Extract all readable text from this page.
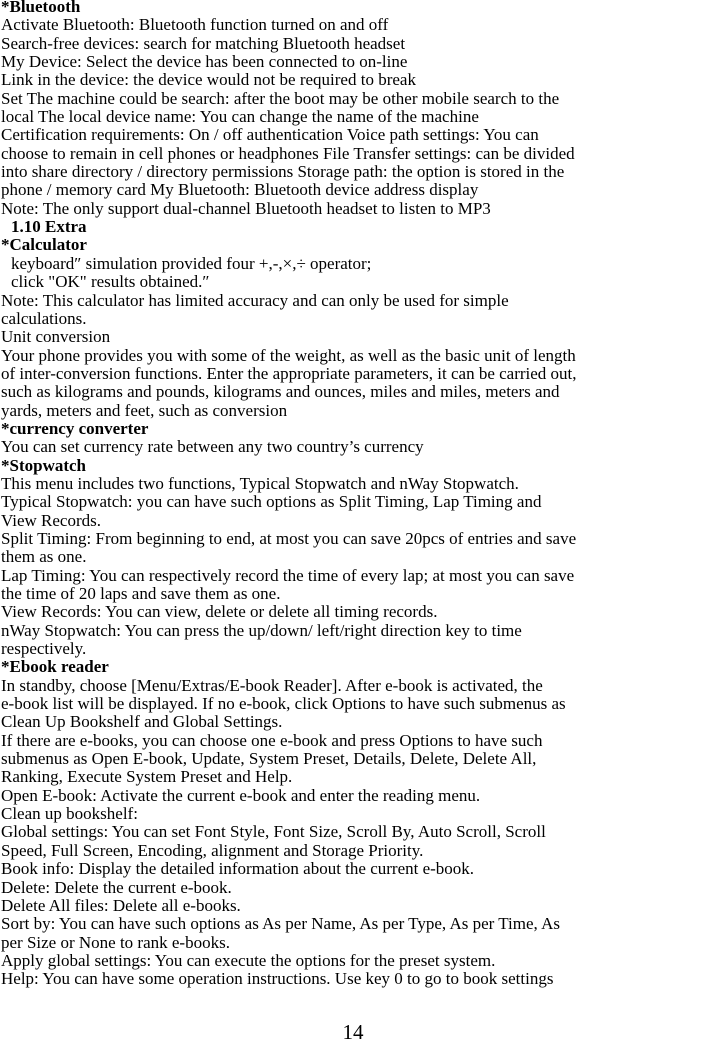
*Bluetooth
Activate Bluetooth: Bluetooth function turned on and off
Search-free devices: search for matching Bluetooth headset
My Device: Select the device has been connected to on-line
Link in the device: the device would not be required to break
Set The machine could be search: after the boot may be other mobile search to the
local The local device name: You can change the name of the machine
Certification requirements: On / off authentication Voice path settings: You can
choose to remain in cell phones or headphones File Transfer settings: can be divided
into share directory / directory permissions Storage path: the option is stored in the
phone / memory card My Bluetooth: Bluetooth device address display
Note: The only support dual-channel Bluetooth headset to listen to MP3
1.10 Extra
*Calculator
keyboard″ simulation provided four +,-,×,÷ operator;
click "OK" results obtained.″
Note: This calculator has limited accuracy and can only be used for simple
calculations.
Unit conversion
Your phone provides you with some of the weight, as well as the basic unit of length
of inter-conversion functions. Enter the appropriate parameters, it can be carried out,
such as kilograms and pounds, kilograms and ounces, miles and miles, meters and
yards, meters and feet, such as conversion
*currency converter
You can set currency rate between any two country’s currency
*Stopwatch
This menu includes two functions, Typical Stopwatch and nWay Stopwatch.
Typical Stopwatch: you can have such options as Split Timing, Lap Timing and
View Records.
Split Timing: From beginning to end, at most you can save 20pcs of entries and save
them as one.
Lap Timing: You can respectively record the time of every lap; at most you can save
the time of 20 laps and save them as one.
View Records: You can view, delete or delete all timing records.
nWay Stopwatch: You can press the up/down/ left/right direction key to time
respectively.
*Ebook reader
In standby, choose [Menu/Extras/E-book Reader]. After e-book is activated, the
e-book list will be displayed. If no e-book, click Options to have such submenus as
Clean Up Bookshelf and Global Settings.
If there are e-books, you can choose one e-book and press Options to have such
submenus as Open E-book, Update, System Preset, Details, Delete, Delete All,
Ranking, Execute System Preset and Help.
Open E-book: Activate the current e-book and enter the reading menu.
Clean up bookshelf:
Global settings: You can set Font Style, Font Size, Scroll By, Auto Scroll, Scroll
Speed, Full Screen, Encoding, alignment and Storage Priority.
Book info: Display the detailed information about the current e-book.
Delete: Delete the current e-book.
Delete All files: Delete all e-books.
Sort by: You can have such options as As per Name, As per Type, As per Time, As
per Size or None to rank e-books.
Apply global settings: You can execute the options for the preset system.
Help: You can have some operation instructions. Use key 0 to go to book settings
14
